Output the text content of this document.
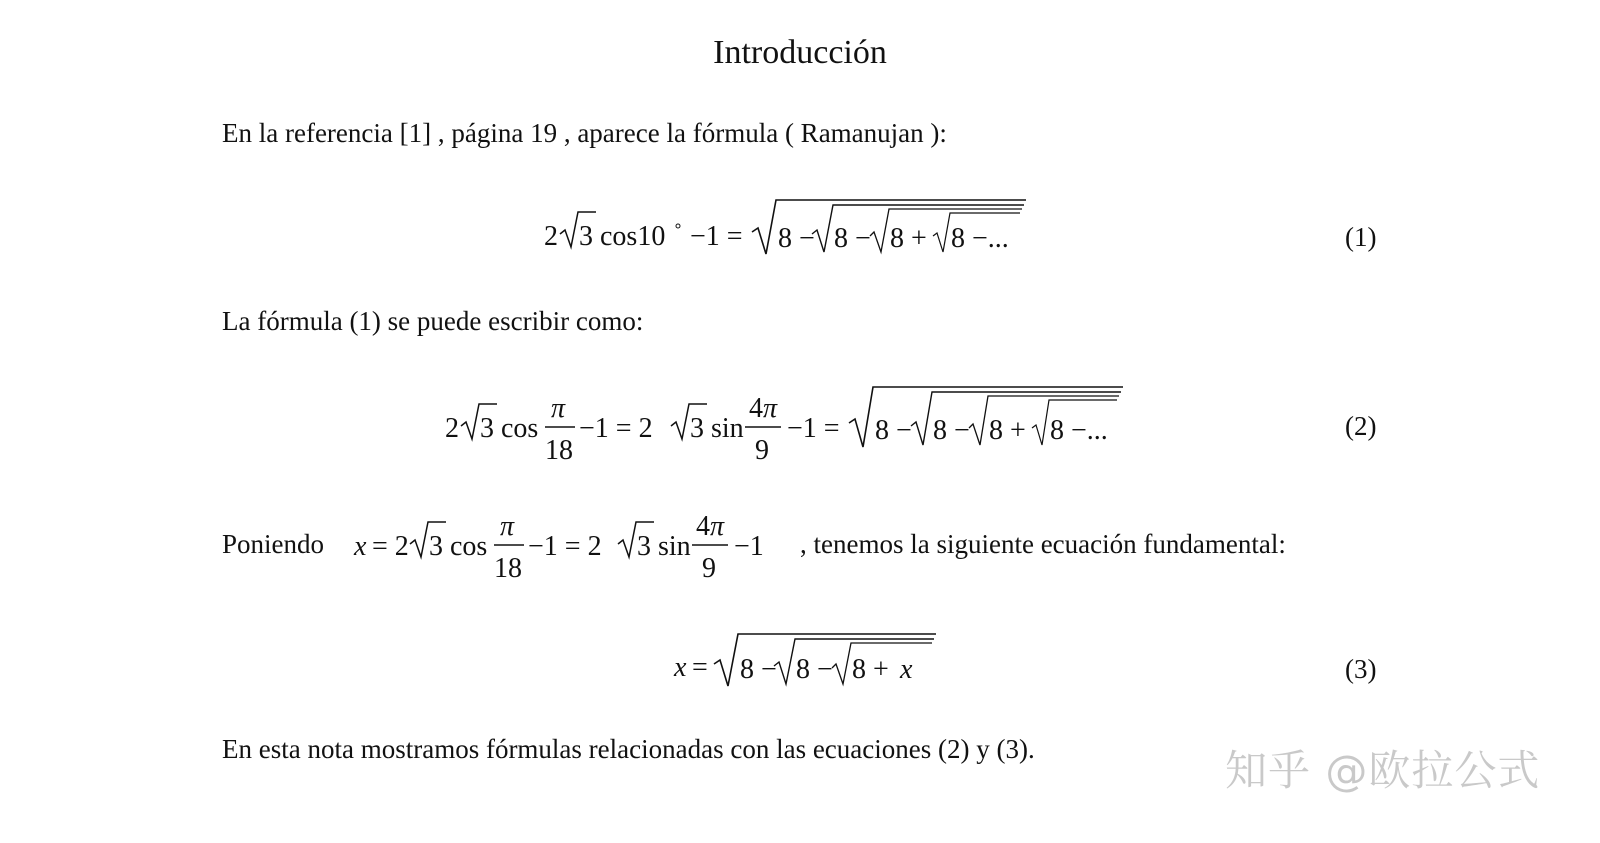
Introducción
En la referencia [1] , página 19 , aparece la fórmula ( Ramanujan ):
2 3 cos10 −1 = 8 − 8 − 8 + 8 −...	(1)
La fórmula (1) se puede escribir como:
2 3 cos
π
18
−1 = 2 3 sin
4 π
9
−1 = 8 − 8 − 8 + 8 −...	(2)
Poniendo x = 2 3 cos
π
18
−1 = 2 3 sin
4 π
9
−1 , tenemos la siguiente ecuación fundamental:
x = 8 − 8 − 8 + x	(3)
En esta nota mostramos fórmulas relacionadas con las ecuaciones (2) y (3).	知乎 @欧拉公式
